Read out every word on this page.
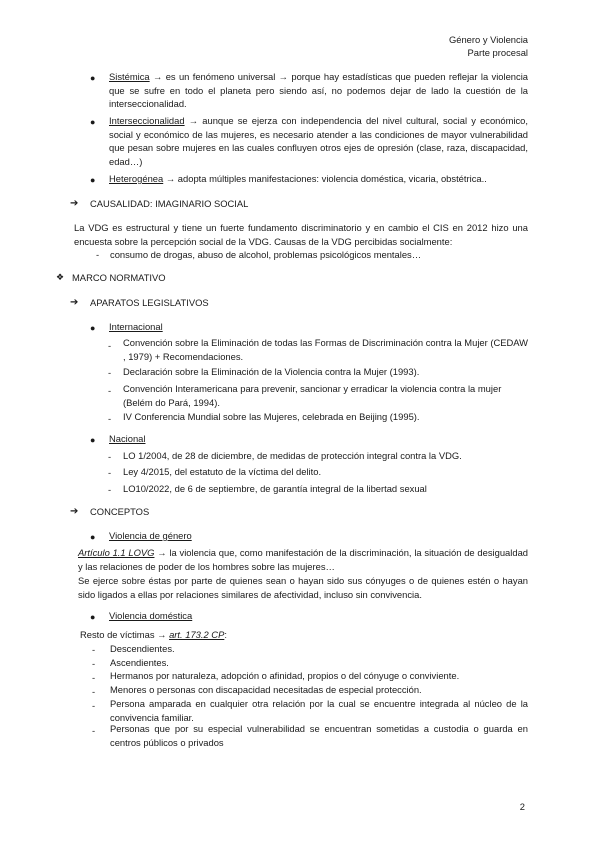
Género y Violencia
Parte procesal
● Sistémica → es un fenómeno universal → porque hay estadísticas que pueden reflejar la violencia que se sufre en todo el planeta pero siendo así, no podemos dejar de lado la cuestión de la interseccionalidad.

● Interseccionalidad → aunque se ejerza con independencia del nivel cultural, social y económico, social y económico de las mujeres, es necesario atender a las condiciones de mayor vulnerabilidad que pesan sobre mujeres en las cuales confluyen otros ejes de opresión (clase, raza, discapacidad, edad…)

● Heterogénea → adopta múltiples manifestaciones: violencia doméstica, vicaria, obstétrica..

➔ CAUSALIDAD: IMAGINARIO SOCIAL

La VDG es estructural y tiene un fuerte fundamento discriminatorio y en cambio el CIS en 2012 hizo una encuesta sobre la percepción social de la VDG. Causas de la VDG percibidas socialmente:

- consumo de drogas, abuso de alcohol, problemas psicológicos mentales…

❖ MARCO NORMATIVO

➔ APARATOS LEGISLATIVOS

● Internacional

- Convención sobre la Eliminación de todas las Formas de Discriminación contra la Mujer (CEDAW , 1979) + Recomendaciones.

- Declaración sobre la Eliminación de la Violencia contra la Mujer (1993).

- Convención Interamericana para prevenir, sancionar y erradicar la violencia contra la mujer (Belém do Pará, 1994).

- IV Conferencia Mundial sobre las Mujeres, celebrada en Beijing (1995).

● Nacional

- LO 1/2004, de 28 de diciembre, de medidas de protección integral contra la VDG.

- Ley 4/2015, del estatuto de la víctima del delito.

- LO10/2022, de 6 de septiembre, de garantía integral de la libertad sexual

➔ CONCEPTOS

● Violencia de género

Artículo 1.1 LOVG → la violencia que, como manifestación de la discriminación, la situación de desigualdad y las relaciones de poder de los hombres sobre las mujeres…

Se ejerce sobre éstas por parte de quienes sean o hayan sido sus cónyuges o de quienes estén o hayan sido ligados a ellas por relaciones similares de afectividad, incluso sin convivencia.

● Violencia doméstica

Resto de víctimas → art. 173.2 CP:

- Descendientes.

- Ascendientes.

- Hermanos por naturaleza, adopción o afinidad, propios o del cónyuge o conviviente.

- Menores o personas con discapacidad necesitadas de especial protección.

- Persona amparada en cualquier otra relación por la cual se encuentre integrada al núcleo de la convivencia familiar.

- Personas que por su especial vulnerabilidad se encuentran sometidas a custodia o guarda en centros públicos o privados

2
